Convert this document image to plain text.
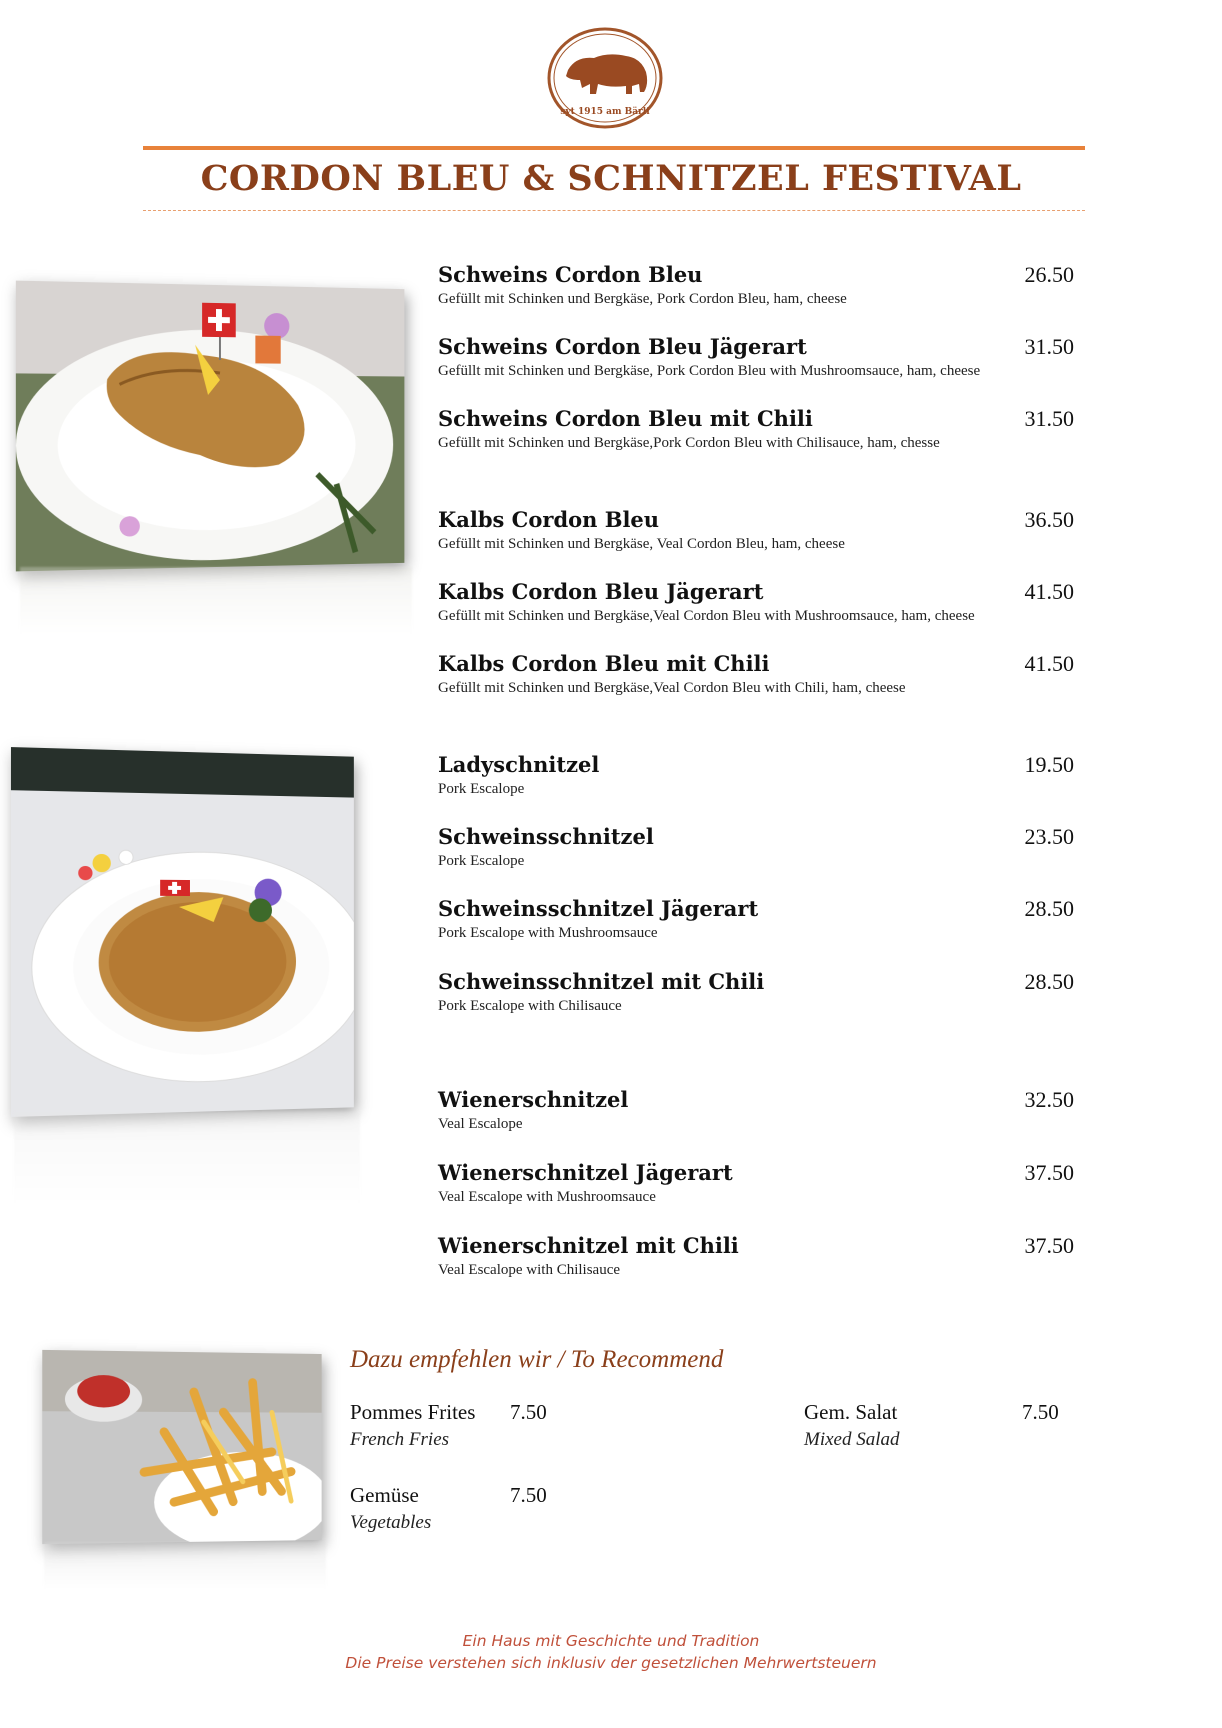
syt 1915 am Bärli
CORDON BLEU & SCHNITZEL FESTIVAL
Schweins Cordon Bleu	26.50
Gefüllt mit Schinken und Bergkäse, Pork Cordon Bleu, ham, cheese
Schweins Cordon Bleu Jägerart	31.50
Gefüllt mit Schinken und Bergkäse, Pork Cordon Bleu with Mushroomsauce, ham, cheese
Schweins Cordon Bleu mit Chili	31.50
Gefüllt mit Schinken und Bergkäse,Pork Cordon Bleu with Chilisauce, ham, chesse
Kalbs Cordon Bleu	36.50
Gefüllt mit Schinken und Bergkäse, Veal Cordon Bleu, ham, cheese
Kalbs Cordon Bleu Jägerart	41.50
Gefüllt mit Schinken und Bergkäse,Veal Cordon Bleu with Mushroomsauce, ham, cheese
Kalbs Cordon Bleu mit Chili	41.50
Gefüllt mit Schinken und Bergkäse,Veal Cordon Bleu with Chili, ham, cheese
Ladyschnitzel	19.50
Pork Escalope
Schweinsschnitzel	23.50
Pork Escalope
Schweinsschnitzel Jägerart	28.50
Pork Escalope with Mushroomsauce
Schweinsschnitzel mit Chili	28.50
Pork Escalope with Chilisauce
Wienerschnitzel	32.50
Veal Escalope
Wienerschnitzel Jägerart	37.50
Veal Escalope with Mushroomsauce
Wienerschnitzel mit Chili	37.50
Veal Escalope with Chilisauce
Dazu empfehlen wir / To Recommend
Pommes Frites	7.50
French Fries
Gem. Salat	7.50
Mixed Salad
Gemüse	7.50
Vegetables
Ein Haus mit Geschichte und Tradition
Die Preise verstehen sich inklusiv der gesetzlichen Mehrwertsteuern
